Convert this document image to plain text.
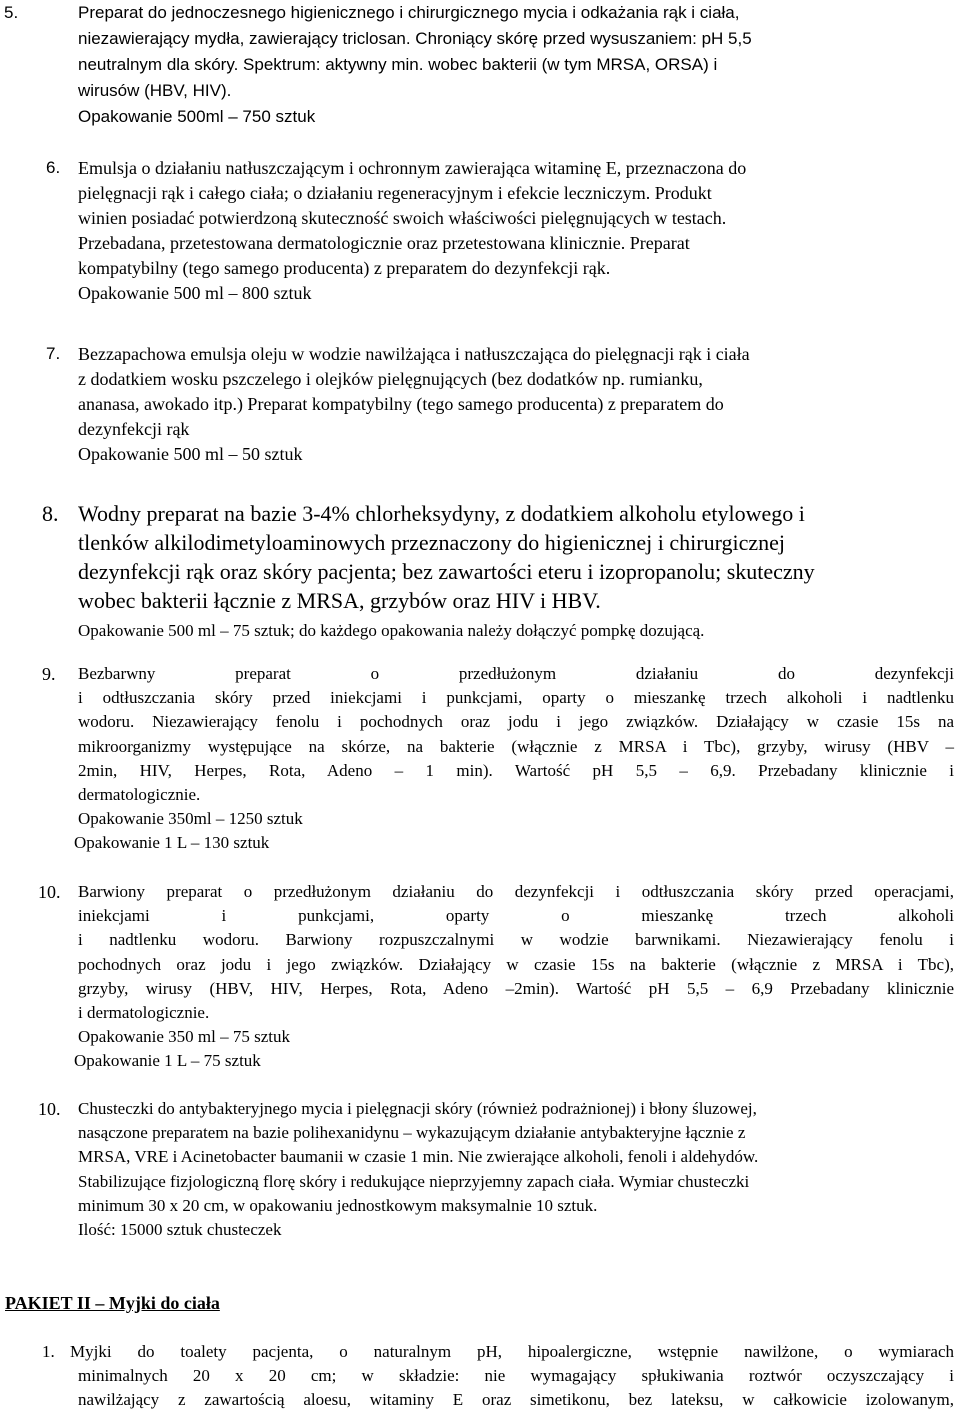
5.	Preparat do jednoczesnego higienicznego i chirurgicznego mycia i odkażania rąk i ciała,

niezawierający mydła, zawierający triclosan. Chroniący skórę przed wysuszaniem: pH 5,5

neutralnym dla skóry. Spektrum: aktywny min. wobec bakterii (w tym MRSA, ORSA) i

wirusów (HBV, HIV).

Opakowanie 500ml – 750 sztuk

6. Emulsja o działaniu natłuszczającym i ochronnym zawierająca witaminę E, przeznaczona do

pielęgnacji rąk i całego ciała; o działaniu regeneracyjnym i efekcie leczniczym. Produkt

winien posiadać potwierdzoną skuteczność swoich właściwości pielęgnujących w testach.

Przebadana, przetestowana dermatologicznie oraz przetestowana klinicznie. Preparat

kompatybilny (tego samego producenta) z preparatem do dezynfekcji rąk.

Opakowanie 500 ml – 800 sztuk

7. Bezzapachowa emulsja oleju w wodzie nawilżająca i natłuszczająca do pielęgnacji rąk i ciała

z dodatkiem wosku pszczelego i olejków pielęgnujących (bez dodatków np. rumianku,

ananasa, awokado itp.) Preparat kompatybilny (tego samego producenta) z preparatem do

dezynfekcji rąk

Opakowanie 500 ml – 50 sztuk

8. Wodny preparat na bazie 3-4% chlorheksydyny, z dodatkiem alkoholu etylowego i

tlenków alkilodimetyloaminowych przeznaczony do higienicznej i chirurgicznej

dezynfekcji rąk oraz skóry pacjenta; bez zawartości eteru i izopropanolu; skuteczny

wobec bakterii łącznie z MRSA, grzybów oraz HIV i HBV.

Opakowanie 500 ml – 75 sztuk; do każdego opakowania należy dołączyć pompkę dozującą.

9. Bezbarwny preparat o przedłużonym działaniu do dezynfekcji

i odtłuszczania skóry przed iniekcjami i punkcjami, oparty o mieszankę trzech alkoholi i nadtlenku

wodoru. Niezawierający fenolu i pochodnych oraz jodu i jego związków. Działający w czasie 15s na

mikroorganizmy występujące na skórze, na bakterie (włącznie z MRSA i Tbc), grzyby, wirusy (HBV –

2min, HIV, Herpes, Rota, Adeno – 1 min). Wartość pH 5,5 – 6,9. Przebadany klinicznie i

dermatologicznie.

Opakowanie 350ml – 1250 sztuk

Opakowanie 1 L – 130 sztuk

10. Barwiony preparat o przedłużonym działaniu do dezynfekcji i odtłuszczania skóry przed operacjami,

iniekcjami i punkcjami, oparty o mieszankę trzech alkoholi

i nadtlenku wodoru. Barwiony rozpuszczalnymi w wodzie barwnikami. Niezawierający fenolu i

pochodnych oraz jodu i jego związków. Działający w czasie 15s na bakterie (włącznie z MRSA i Tbc),

grzyby, wirusy (HBV, HIV, Herpes, Rota, Adeno –2min). Wartość pH 5,5 – 6,9 Przebadany klinicznie

i dermatologicznie.

Opakowanie 350 ml – 75 sztuk

Opakowanie 1 L – 75 sztuk

10. Chusteczki do antybakteryjnego mycia i pielęgnacji skóry (również podrażnionej) i błony śluzowej,

nasączone preparatem na bazie polihexanidynu – wykazującym działanie antybakteryjne łącznie z

MRSA, VRE i Acinetobacter baumanii w czasie 1 min. Nie zwierające alkoholi, fenoli i aldehydów.

Stabilizujące fizjologiczną florę skóry i redukujące nieprzyjemny zapach ciała. Wymiar chusteczki

minimum 30 x 20 cm, w opakowaniu jednostkowym maksymalnie 10 sztuk.

Ilość: 15000 sztuk chusteczek

PAKIET II – Myjki do ciała
1. Myjki do toalety pacjenta, o naturalnym pH, hipoalergiczne, wstępnie nawilżone, o wymiarach

minimalnych 20 x 20 cm; w składzie: nie wymagający spłukiwania roztwór oczyszczający i

nawilżający z zawartością aloesu, witaminy E oraz simetikonu, bez lateksu, w całkowicie izolowanym,
